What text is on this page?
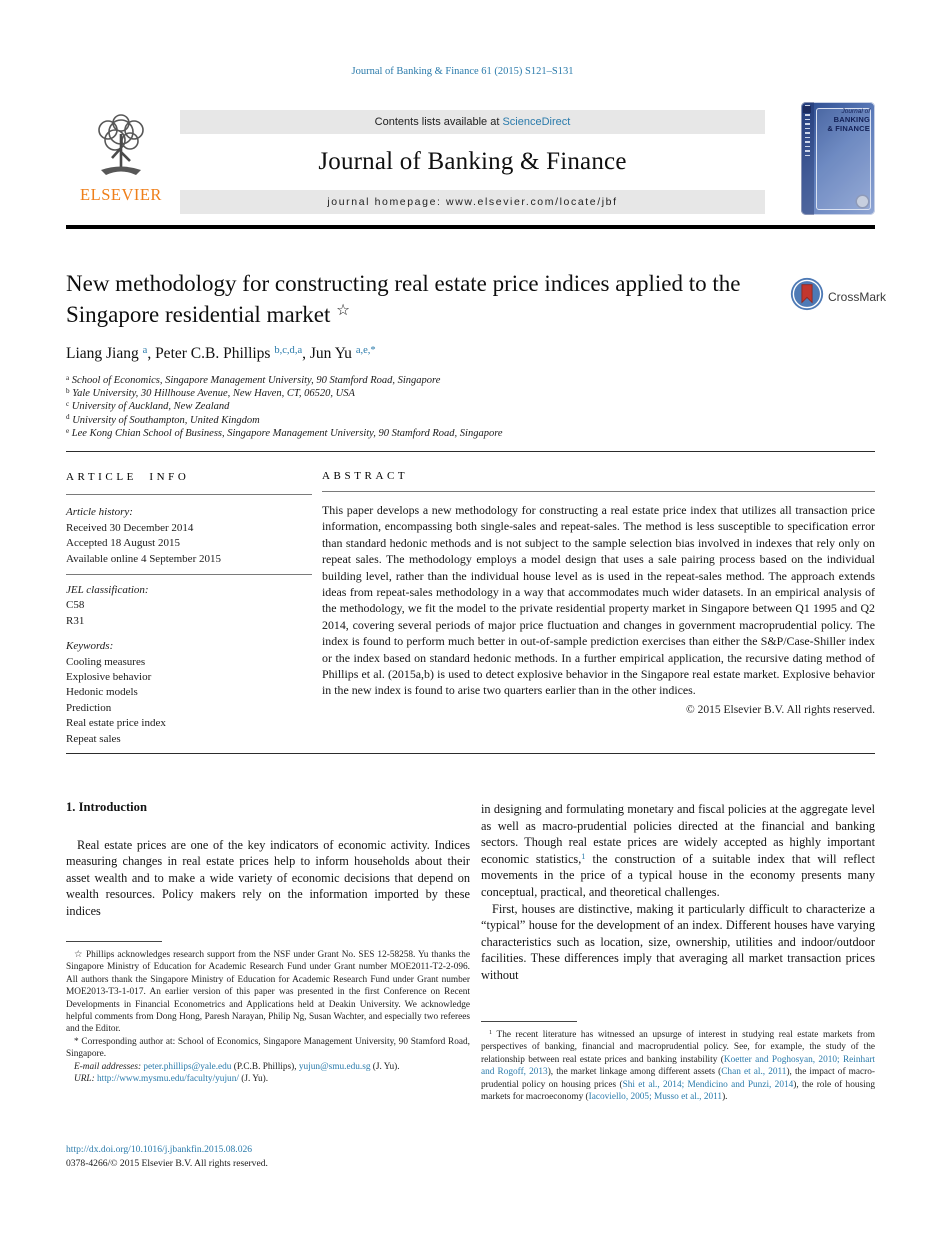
Journal of Banking & Finance 61 (2015) S121–S131
ELSEVIER
Contents lists available at ScienceDirect
Journal of Banking & Finance
journal homepage: www.elsevier.com/locate/jbf
Journal of
BANKING
& FINANCE
New methodology for constructing real estate price indices applied to the Singapore residential market ☆
CrossMark
Liang Jiang $^a$, Peter C.B. Phillips $^{b,c,d,a}$, Jun Yu $^{a,e,*}$
$^a$ School of Economics, Singapore Management University, 90 Stamford Road, Singapore
$^b$ Yale University, 30 Hillhouse Avenue, New Haven, CT, 06520, USA
$^c$ University of Auckland, New Zealand
$^d$ University of Southampton, United Kingdom
$^e$ Lee Kong Chian School of Business, Singapore Management University, 90 Stamford Road, Singapore
ARTICLE INFO
Article history:
Received 30 December 2014
Accepted 18 August 2015
Available online 4 September 2015
JEL classification:
C58
R31
Keywords:
Cooling measures
Explosive behavior
Hedonic models
Prediction
Real estate price index
Repeat sales
ABSTRACT
This paper develops a new methodology for constructing a real estate price index that utilizes all transaction price information, encompassing both single-sales and repeat-sales. The method is less susceptible to specification error than standard hedonic methods and is not subject to the sample selection bias involved in indexes that rely only on repeat sales. The methodology employs a model design that uses a sale pairing process based on the individual building level, rather than the individual house level as is used in the repeat-sales method. The approach extends ideas from repeat-sales methodology in a way that accommodates much wider datasets. In an empirical analysis of the methodology, we fit the model to the private residential property market in Singapore between Q1 1995 and Q2 2014, covering several periods of major price fluctuation and changes in government macroprudential policy. The index is found to perform much better in out-of-sample prediction exercises than either the S&P/Case-Shiller index or the index based on standard hedonic methods. In a further empirical application, the recursive dating method of Phillips et al. (2015a,b) is used to detect explosive behavior in the Singapore real estate market. Explosive behavior in the new index is found to arise two quarters earlier than in the other indices.
© 2015 Elsevier B.V. All rights reserved.
1. Introduction

Real estate prices are one of the key indicators of economic activity. Indices measuring changes in real estate prices help to inform households about their asset wealth and to make a wide variety of economic decisions that depend on wealth resources. Policy makers rely on the information imported by these indices

in designing and formulating monetary and fiscal policies at the aggregate level as well as macro-prudential policies directed at the financial and banking sectors. Though real estate prices are widely accepted as highly important economic statistics,$^1$ the construction of a suitable index that will reflect movements in the price of a typical house in the economy presents many conceptual, practical, and theoretical challenges.

First, houses are distinctive, making it particularly difficult to characterize a “typical” house for the development of an index. Different houses have varying characteristics such as location, size, ownership, utilities and indoor/outdoor facilities. These differences imply that averaging all market transaction prices without

☆ Phillips acknowledges research support from the NSF under Grant No. SES 12-58258. Yu thanks the Singapore Ministry of Education for Academic Research Fund under Grant number MOE2011-T2-2-096. All authors thank the Singapore Ministry of Education for Academic Research Fund under Grant number MOE2013-T3-1-017. An earlier version of this paper was presented in the first Conference on Recent Developments in Financial Econometrics and Applications held at Deakin University. We acknowledge helpful comments from Dong Hong, Paresh Narayan, Philip Ng, Susan Wachter, and especially two referees and the Editor.

* Corresponding author at: School of Economics, Singapore Management University, 90 Stamford Road, Singapore.

E-mail addresses: peter.phillips@yale.edu (P.C.B. Phillips), yujun@smu.edu.sg (J. Yu).

URL: http://www.mysmu.edu/faculty/yujun/ (J. Yu).

http://dx.doi.org/10.1016/j.jbankfin.2015.08.026
0378-4266/© 2015 Elsevier B.V. All rights reserved.

$^1$ The recent literature has witnessed an upsurge of interest in studying real estate markets from perspectives of banking, financial and macroprudential policy. See, for example, the study of the relationship between real estate prices and banking instability (Koetter and Poghosyan, 2010; Reinhart and Rogoff, 2013), the market linkage among different assets (Chan et al., 2011), the impact of macro-prudential policy on housing prices (Shi et al., 2014; Mendicino and Punzi, 2014), the role of housing markets for macroeconomy (Iacoviello, 2005; Musso et al., 2011).
